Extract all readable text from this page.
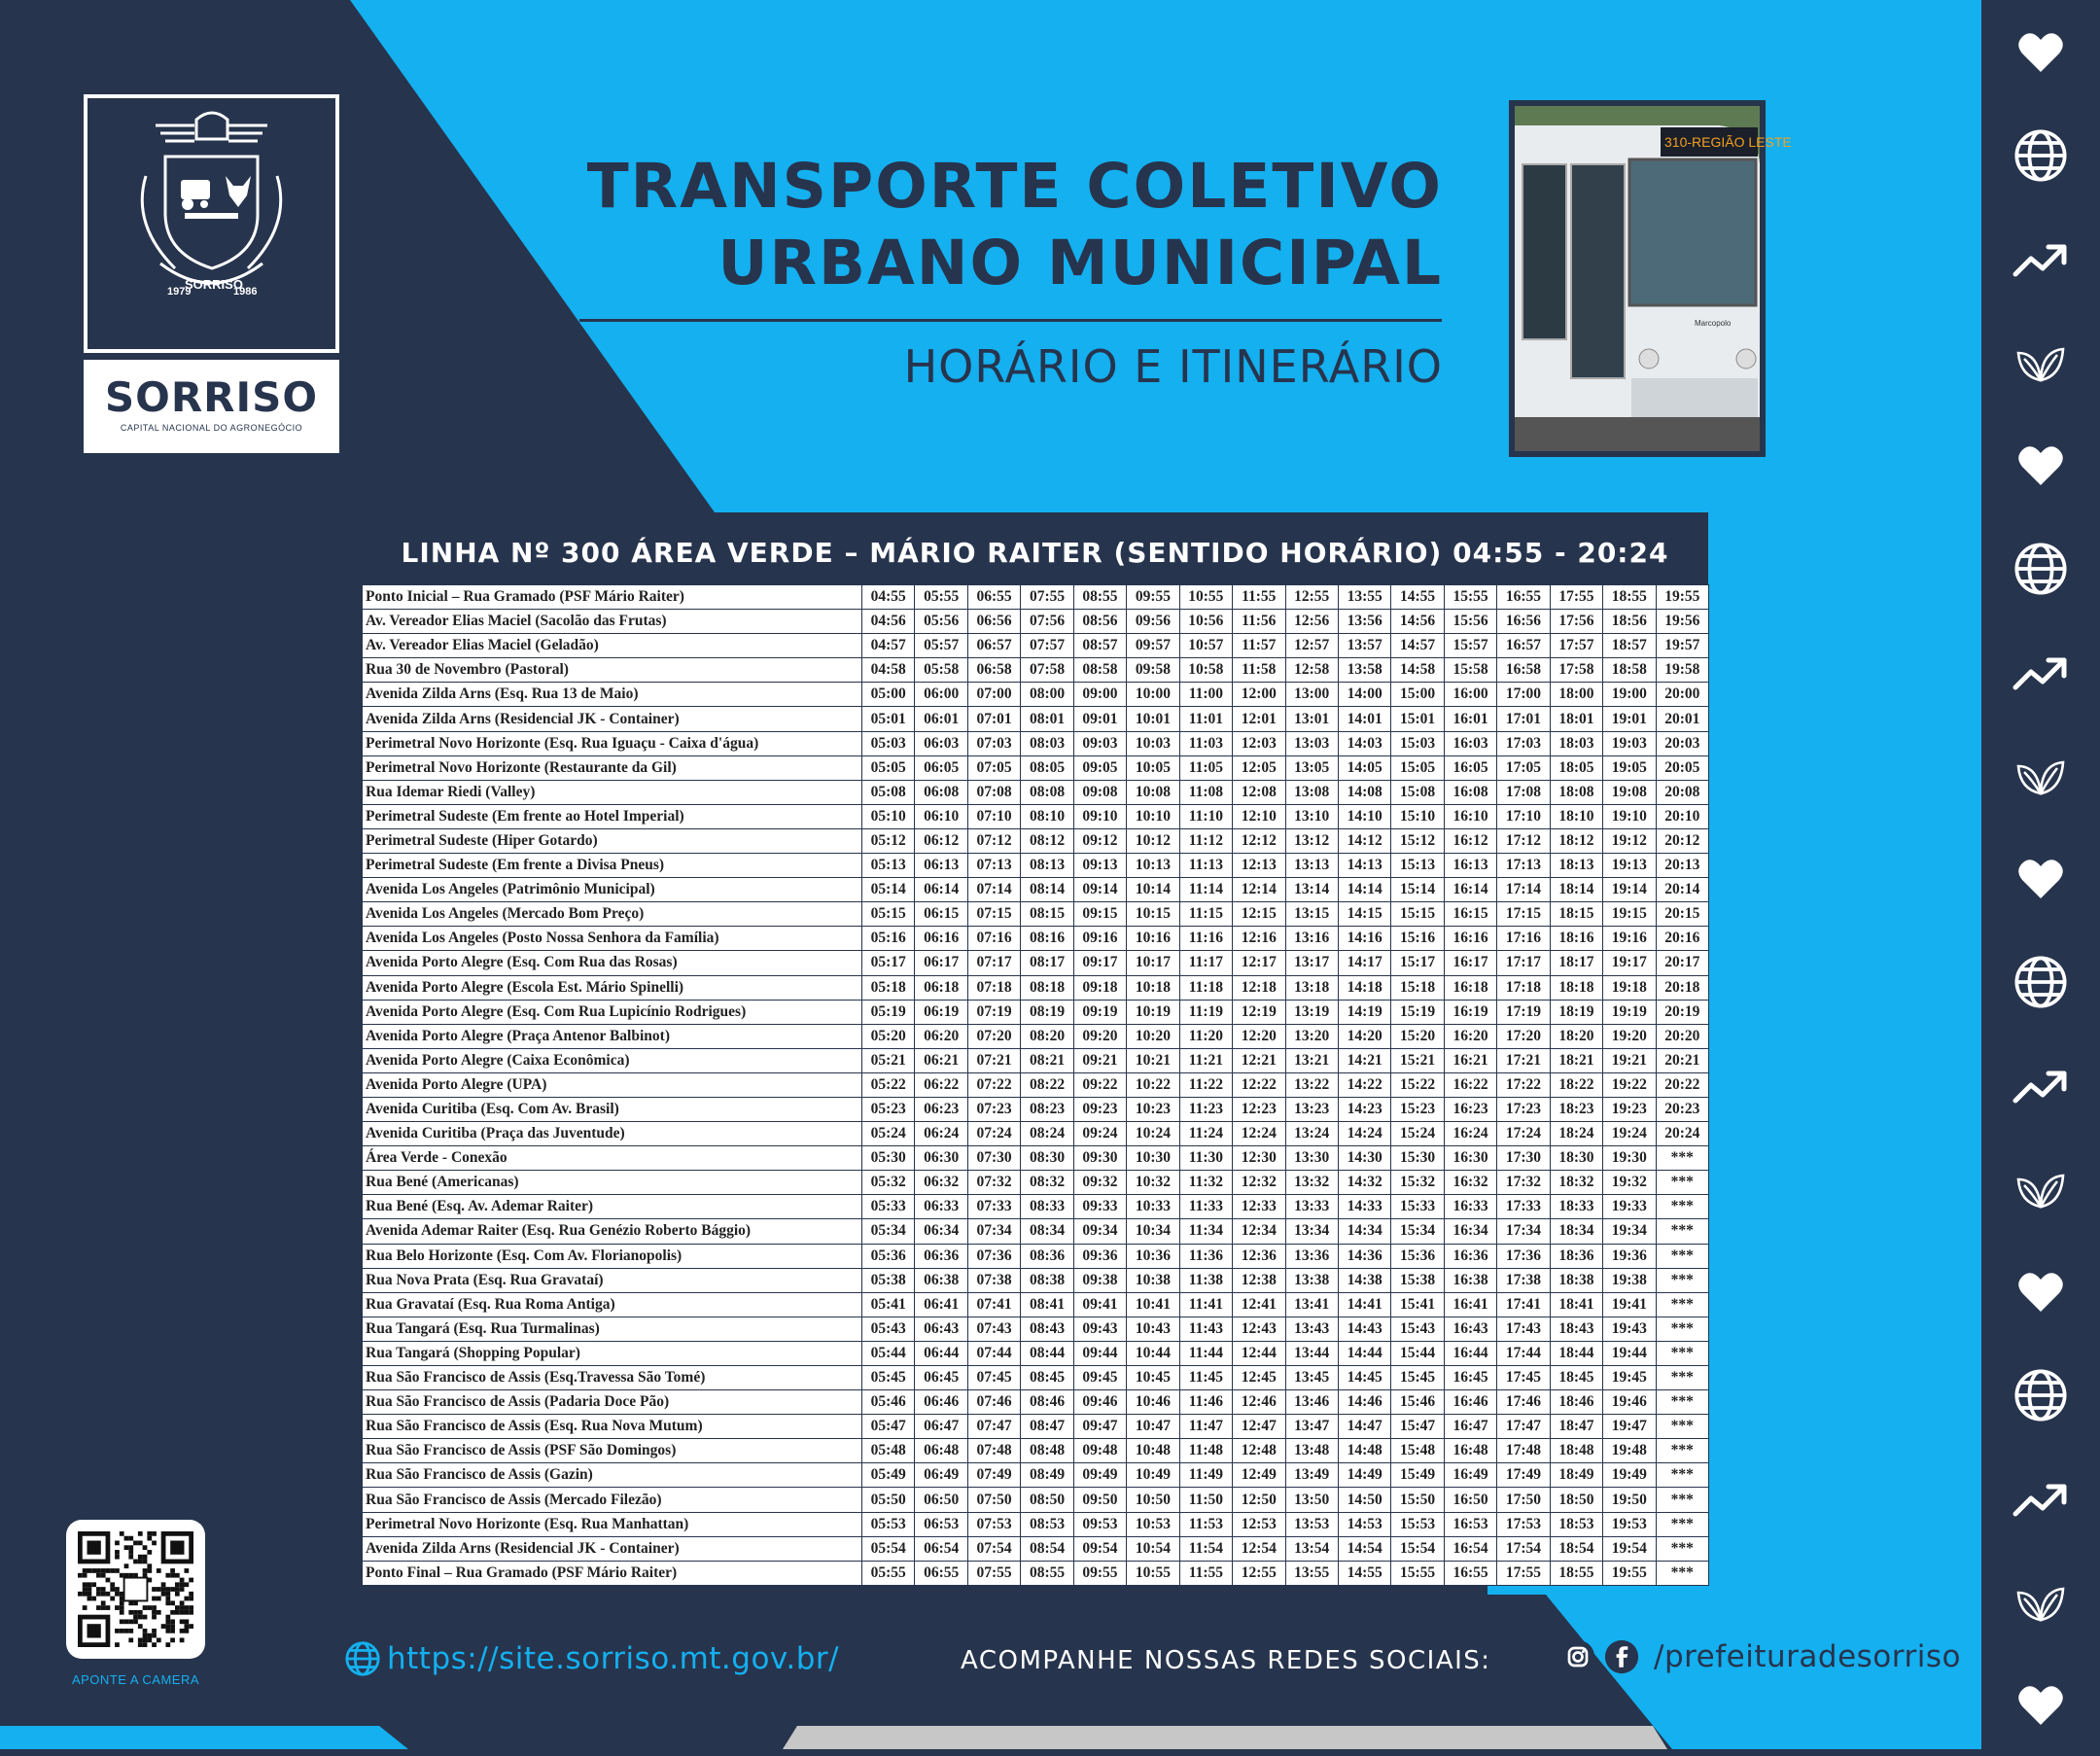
1979	1986
SORRISO
SORRISO
CAPITAL NACIONAL DO AGRONEGÓCIO
TRANSPORTE COLETIVO
URBANO MUNICIPAL
HORÁRIO E ITINERÁRIO
310-REGIÃO LESTE
Marcopolo
LINHA Nº 300 ÁREA VERDE – MÁRIO RAITER (SENTIDO HORÁRIO) 04:55 - 20:24
Ponto Inicial – Rua Gramado (PSF Mário Raiter)	04:55	05:55	06:55	07:55	08:55	09:55	10:55	11:55	12:55	13:55	14:55	15:55	16:55	17:55	18:55	19:55
Av. Vereador Elias Maciel (Sacolão das Frutas)	04:56	05:56	06:56	07:56	08:56	09:56	10:56	11:56	12:56	13:56	14:56	15:56	16:56	17:56	18:56	19:56
Av. Vereador Elias Maciel (Geladão)	04:57	05:57	06:57	07:57	08:57	09:57	10:57	11:57	12:57	13:57	14:57	15:57	16:57	17:57	18:57	19:57
Rua 30 de Novembro (Pastoral)	04:58	05:58	06:58	07:58	08:58	09:58	10:58	11:58	12:58	13:58	14:58	15:58	16:58	17:58	18:58	19:58
Avenida Zilda Arns (Esq. Rua 13 de Maio)	05:00	06:00	07:00	08:00	09:00	10:00	11:00	12:00	13:00	14:00	15:00	16:00	17:00	18:00	19:00	20:00
Avenida Zilda Arns (Residencial JK - Container)	05:01	06:01	07:01	08:01	09:01	10:01	11:01	12:01	13:01	14:01	15:01	16:01	17:01	18:01	19:01	20:01
Perimetral Novo Horizonte (Esq. Rua Iguaçu - Caixa d'água)	05:03	06:03	07:03	08:03	09:03	10:03	11:03	12:03	13:03	14:03	15:03	16:03	17:03	18:03	19:03	20:03
Perimetral Novo Horizonte (Restaurante da Gil)	05:05	06:05	07:05	08:05	09:05	10:05	11:05	12:05	13:05	14:05	15:05	16:05	17:05	18:05	19:05	20:05
Rua Idemar Riedi (Valley)	05:08	06:08	07:08	08:08	09:08	10:08	11:08	12:08	13:08	14:08	15:08	16:08	17:08	18:08	19:08	20:08
Perimetral Sudeste (Em frente ao Hotel Imperial)	05:10	06:10	07:10	08:10	09:10	10:10	11:10	12:10	13:10	14:10	15:10	16:10	17:10	18:10	19:10	20:10
Perimetral Sudeste (Hiper Gotardo)	05:12	06:12	07:12	08:12	09:12	10:12	11:12	12:12	13:12	14:12	15:12	16:12	17:12	18:12	19:12	20:12
Perimetral Sudeste (Em frente a Divisa Pneus)	05:13	06:13	07:13	08:13	09:13	10:13	11:13	12:13	13:13	14:13	15:13	16:13	17:13	18:13	19:13	20:13
Avenida Los Angeles (Patrimônio Municipal)	05:14	06:14	07:14	08:14	09:14	10:14	11:14	12:14	13:14	14:14	15:14	16:14	17:14	18:14	19:14	20:14
Avenida Los Angeles (Mercado Bom Preço)	05:15	06:15	07:15	08:15	09:15	10:15	11:15	12:15	13:15	14:15	15:15	16:15	17:15	18:15	19:15	20:15
Avenida Los Angeles (Posto Nossa Senhora da Família)	05:16	06:16	07:16	08:16	09:16	10:16	11:16	12:16	13:16	14:16	15:16	16:16	17:16	18:16	19:16	20:16
Avenida Porto Alegre (Esq. Com Rua das Rosas)	05:17	06:17	07:17	08:17	09:17	10:17	11:17	12:17	13:17	14:17	15:17	16:17	17:17	18:17	19:17	20:17
Avenida Porto Alegre (Escola Est. Mário Spinelli)	05:18	06:18	07:18	08:18	09:18	10:18	11:18	12:18	13:18	14:18	15:18	16:18	17:18	18:18	19:18	20:18
Avenida Porto Alegre (Esq. Com Rua Lupicínio Rodrigues)	05:19	06:19	07:19	08:19	09:19	10:19	11:19	12:19	13:19	14:19	15:19	16:19	17:19	18:19	19:19	20:19
Avenida Porto Alegre (Praça Antenor Balbinot)	05:20	06:20	07:20	08:20	09:20	10:20	11:20	12:20	13:20	14:20	15:20	16:20	17:20	18:20	19:20	20:20
Avenida Porto Alegre (Caixa Econômica)	05:21	06:21	07:21	08:21	09:21	10:21	11:21	12:21	13:21	14:21	15:21	16:21	17:21	18:21	19:21	20:21
Avenida Porto Alegre (UPA)	05:22	06:22	07:22	08:22	09:22	10:22	11:22	12:22	13:22	14:22	15:22	16:22	17:22	18:22	19:22	20:22
Avenida Curitiba (Esq. Com Av. Brasil)	05:23	06:23	07:23	08:23	09:23	10:23	11:23	12:23	13:23	14:23	15:23	16:23	17:23	18:23	19:23	20:23
Avenida Curitiba (Praça das Juventude)	05:24	06:24	07:24	08:24	09:24	10:24	11:24	12:24	13:24	14:24	15:24	16:24	17:24	18:24	19:24	20:24
Área Verde - Conexão	05:30	06:30	07:30	08:30	09:30	10:30	11:30	12:30	13:30	14:30	15:30	16:30	17:30	18:30	19:30	***
Rua Bené (Americanas)	05:32	06:32	07:32	08:32	09:32	10:32	11:32	12:32	13:32	14:32	15:32	16:32	17:32	18:32	19:32	***
Rua Bené (Esq. Av. Ademar Raiter)	05:33	06:33	07:33	08:33	09:33	10:33	11:33	12:33	13:33	14:33	15:33	16:33	17:33	18:33	19:33	***
Avenida Ademar Raiter (Esq. Rua Genézio Roberto Bággio)	05:34	06:34	07:34	08:34	09:34	10:34	11:34	12:34	13:34	14:34	15:34	16:34	17:34	18:34	19:34	***
Rua Belo Horizonte (Esq. Com Av. Florianopolis)	05:36	06:36	07:36	08:36	09:36	10:36	11:36	12:36	13:36	14:36	15:36	16:36	17:36	18:36	19:36	***
Rua Nova Prata (Esq. Rua Gravataí)	05:38	06:38	07:38	08:38	09:38	10:38	11:38	12:38	13:38	14:38	15:38	16:38	17:38	18:38	19:38	***
Rua Gravataí (Esq. Rua Roma Antiga)	05:41	06:41	07:41	08:41	09:41	10:41	11:41	12:41	13:41	14:41	15:41	16:41	17:41	18:41	19:41	***
Rua Tangará (Esq. Rua Turmalinas)	05:43	06:43	07:43	08:43	09:43	10:43	11:43	12:43	13:43	14:43	15:43	16:43	17:43	18:43	19:43	***
Rua Tangará (Shopping Popular)	05:44	06:44	07:44	08:44	09:44	10:44	11:44	12:44	13:44	14:44	15:44	16:44	17:44	18:44	19:44	***
Rua São Francisco de Assis (Esq.Travessa São Tomé)	05:45	06:45	07:45	08:45	09:45	10:45	11:45	12:45	13:45	14:45	15:45	16:45	17:45	18:45	19:45	***
Rua São Francisco de Assis (Padaria Doce Pão)	05:46	06:46	07:46	08:46	09:46	10:46	11:46	12:46	13:46	14:46	15:46	16:46	17:46	18:46	19:46	***
Rua São Francisco de Assis (Esq. Rua Nova Mutum)	05:47	06:47	07:47	08:47	09:47	10:47	11:47	12:47	13:47	14:47	15:47	16:47	17:47	18:47	19:47	***
Rua São Francisco de Assis (PSF São Domingos)	05:48	06:48	07:48	08:48	09:48	10:48	11:48	12:48	13:48	14:48	15:48	16:48	17:48	18:48	19:48	***
Rua São Francisco de Assis (Gazin)	05:49	06:49	07:49	08:49	09:49	10:49	11:49	12:49	13:49	14:49	15:49	16:49	17:49	18:49	19:49	***
Rua São Francisco de Assis (Mercado Filezão)	05:50	06:50	07:50	08:50	09:50	10:50	11:50	12:50	13:50	14:50	15:50	16:50	17:50	18:50	19:50	***
Perimetral Novo Horizonte (Esq. Rua Manhattan)	05:53	06:53	07:53	08:53	09:53	10:53	11:53	12:53	13:53	14:53	15:53	16:53	17:53	18:53	19:53	***
Avenida Zilda Arns (Residencial JK - Container)	05:54	06:54	07:54	08:54	09:54	10:54	11:54	12:54	13:54	14:54	15:54	16:54	17:54	18:54	19:54	***
Ponto Final – Rua Gramado (PSF Mário Raiter)	05:55	06:55	07:55	08:55	09:55	10:55	11:55	12:55	13:55	14:55	15:55	16:55	17:55	18:55	19:55	***
APONTE A CAMERA
https://site.sorriso.mt.gov.br/	ACOMPANHE NOSSAS REDES SOCIAIS:	/prefeituradesorriso
